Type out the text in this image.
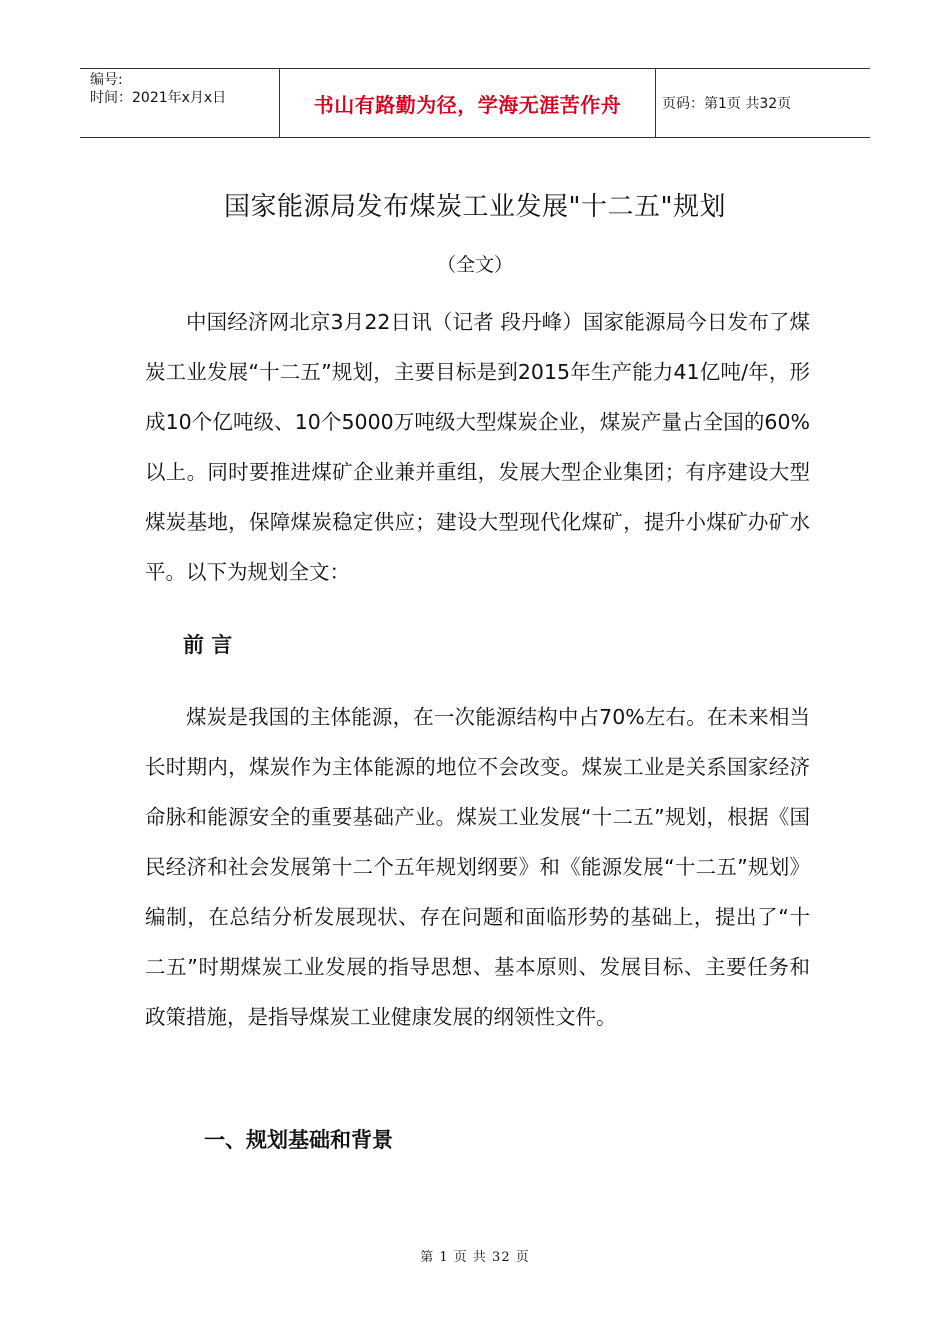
编号:
时间：2021年x月x日	书山有路勤为径，学海无涯苦作舟	页码：第1页 共32页
国家能源局发布煤炭工业发展"十二五"规划
（全文）

中国经济网北京3月22日讯（记者 段丹峰）国家能源局今日发布了煤炭工业发展“十二五”规划，主要目标是到2015年生产能力41亿吨/年，形成10个亿吨级、10个5000万吨级大型煤炭企业，煤炭产量占全国的60%以上。同时要推进煤矿企业兼并重组，发展大型企业集团；有序建设大型煤炭基地，保障煤炭稳定供应；建设大型现代化煤矿，提升小煤矿办矿水平。以下为规划全文：

前 言

煤炭是我国的主体能源，在一次能源结构中占70%左右。在未来相当长时期内，煤炭作为主体能源的地位不会改变。煤炭工业是关系国家经济命脉和能源安全的重要基础产业。煤炭工业发展“十二五”规划，根据《国民经济和社会发展第十二个五年规划纲要》和《能源发展“十二五”规划》编制，在总结分析发展现状、存在问题和面临形势的基础上，提出了“十二五”时期煤炭工业发展的指导思想、基本原则、发展目标、主要任务和政策措施，是指导煤炭工业健康发展的纲领性文件。

一、规划基础和背景
第 1 页 共 32 页
